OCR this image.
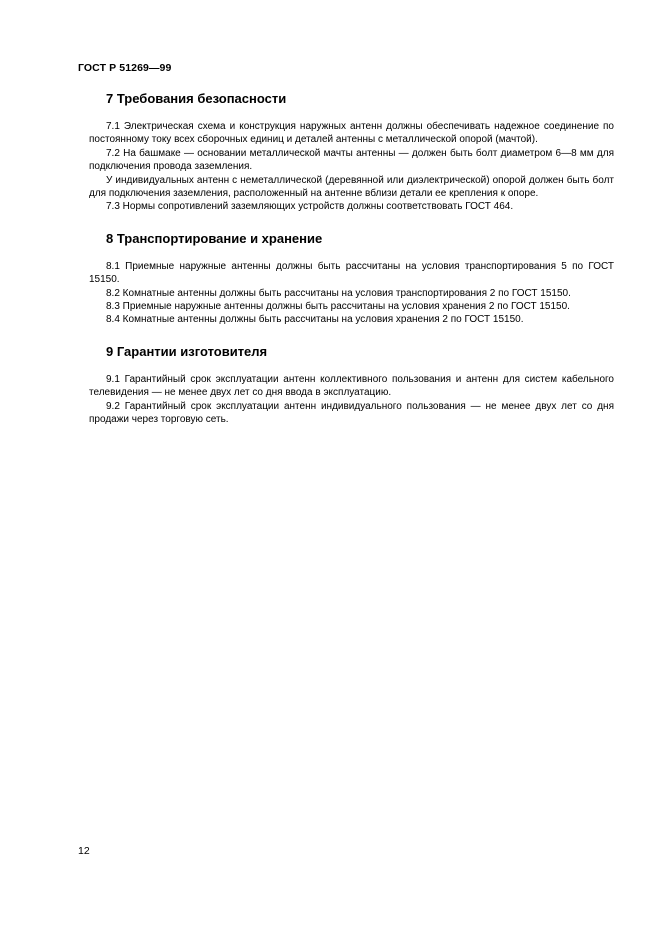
ГОСТ Р 51269—99
7 Требования безопасности

7.1 Электрическая схема и конструкция наружных антенн должны обеспечивать надежное соединение по постоянному току всех сборочных единиц и деталей антенны с металлической опорой (мачтой).

7.2 На башмаке — основании металлической мачты антенны — должен быть болт диаметром 6—8 мм для подключения провода заземления.

У индивидуальных антенн с неметаллической (деревянной или диэлектрической) опорой должен быть болт для подключения заземления, расположенный на антенне вблизи детали ее крепления к опоре.

7.3 Нормы сопротивлений заземляющих устройств должны соответствовать ГОСТ 464.

8 Транспортирование и хранение

8.1 Приемные наружные антенны должны быть рассчитаны на условия транспортирования 5 по ГОСТ 15150.

8.2 Комнатные антенны должны быть рассчитаны на условия транспортирования 2 по ГОСТ 15150.

8.3 Приемные наружные антенны должны быть рассчитаны на условия хранения 2 по ГОСТ 15150.

8.4 Комнатные антенны должны быть рассчитаны на условия хранения 2 по ГОСТ 15150.

9 Гарантии изготовителя

9.1 Гарантийный срок эксплуатации антенн коллективного пользования и антенн для систем кабельного телевидения — не менее двух лет со дня ввода в эксплуатацию.

9.2 Гарантийный срок эксплуатации антенн индивидуального пользования — не менее двух лет со дня продажи через торговую сеть.

12
